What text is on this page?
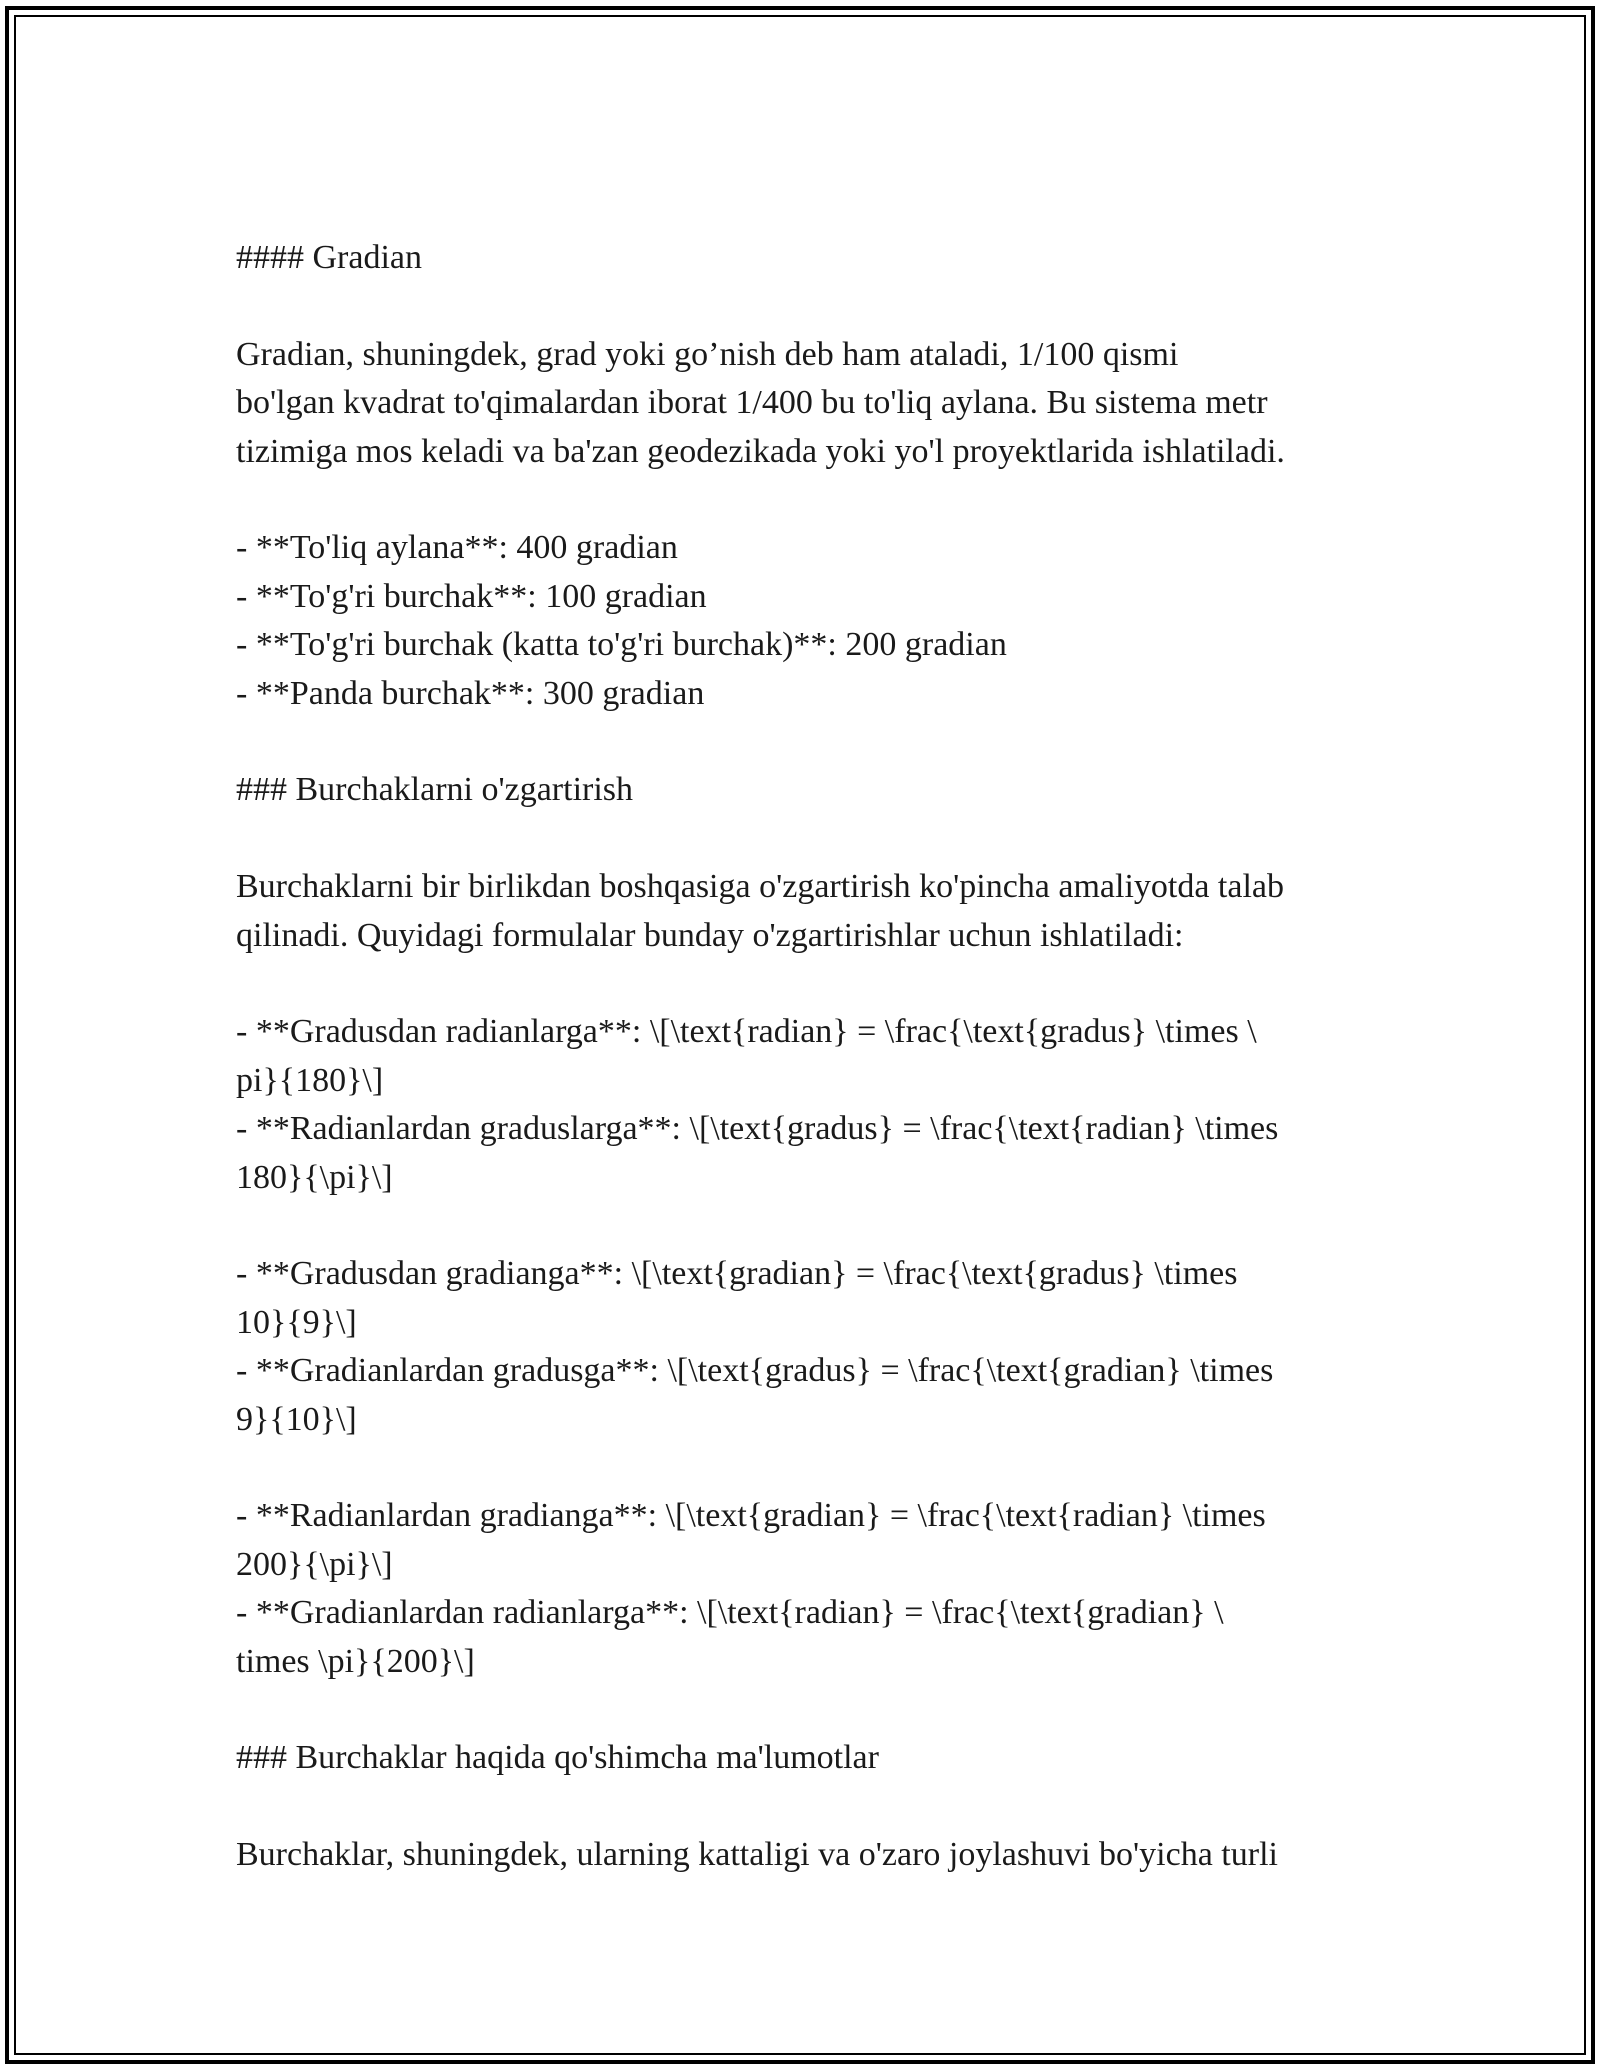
#### Gradian

Gradian, shuningdek, grad yoki go’nish deb ham ataladi, 1/100 qismi

bo'lgan kvadrat to'qimalardan iborat 1/400 bu to'liq aylana. Bu sistema metr

tizimiga mos keladi va ba'zan geodezikada yoki yo'l proyektlarida ishlatiladi.

- **To'liq aylana**: 400 gradian

- **To'g'ri burchak**: 100 gradian

- **To'g'ri burchak (katta to'g'ri burchak)**: 200 gradian

- **Panda burchak**: 300 gradian

### Burchaklarni o'zgartirish

Burchaklarni bir birlikdan boshqasiga o'zgartirish ko'pincha amaliyotda talab

qilinadi. Quyidagi formulalar bunday o'zgartirishlar uchun ishlatiladi:

- **Gradusdan radianlarga**: \[\text{radian} = \frac{\text{gradus} \times \

pi}{180}\]

- **Radianlardan graduslarga**: \[\text{gradus} = \frac{\text{radian} \times

180}{\pi}\]

- **Gradusdan gradianga**: \[\text{gradian} = \frac{\text{gradus} \times

10}{9}\]

- **Gradianlardan gradusga**: \[\text{gradus} = \frac{\text{gradian} \times

9}{10}\]

- **Radianlardan gradianga**: \[\text{gradian} = \frac{\text{radian} \times

200}{\pi}\]

- **Gradianlardan radianlarga**: \[\text{radian} = \frac{\text{gradian} \

times \pi}{200}\]

### Burchaklar haqida qo'shimcha ma'lumotlar

Burchaklar, shuningdek, ularning kattaligi va o'zaro joylashuvi bo'yicha turli
